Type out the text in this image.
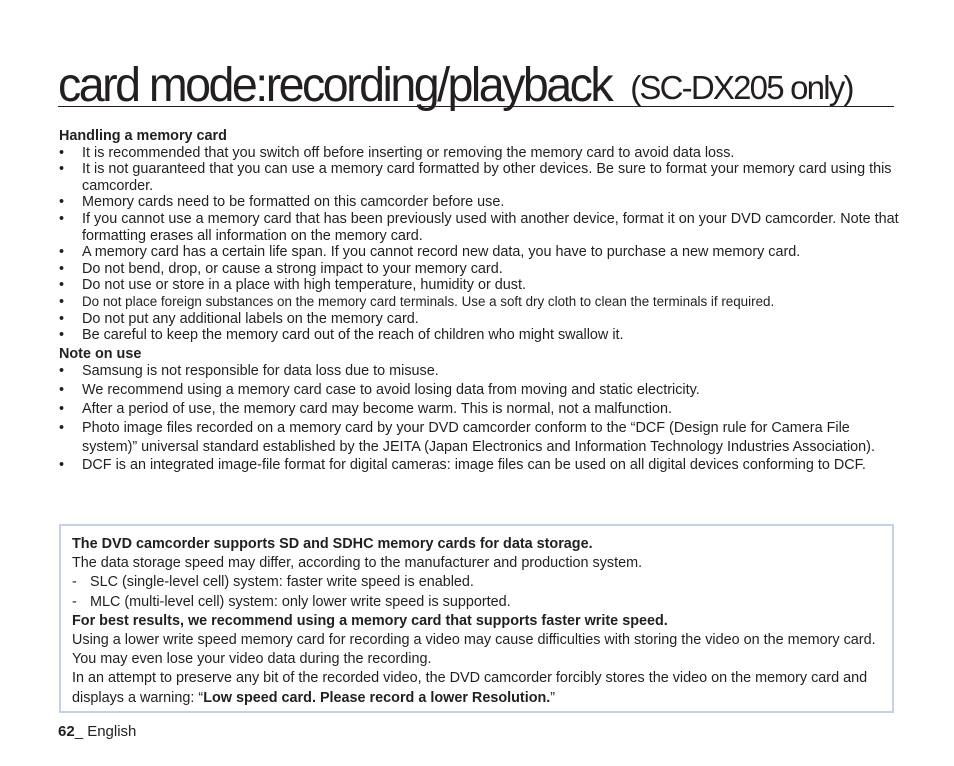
card mode:recording/playback (SC-DX205 only)

Handling a memory card

• It is recommended that you switch off before inserting or removing the memory card to avoid data loss.
• It is not guaranteed that you can use a memory card formatted by other devices. Be sure to format your memory card using this camcorder.
• Memory cards need to be formatted on this camcorder before use.
• If you cannot use a memory card that has been previously used with another device, format it on your DVD camcorder. Note that formatting erases all information on the memory card.
• A memory card has a certain life span. If you cannot record new data, you have to purchase a new memory card.
• Do not bend, drop, or cause a strong impact to your memory card.
• Do not use or store in a place with high temperature, humidity or dust.
• Do not place foreign substances on the memory card terminals. Use a soft dry cloth to clean the terminals if required.
• Do not put any additional labels on the memory card.
• Be careful to keep the memory card out of the reach of children who might swallow it.

Note on use

• Samsung is not responsible for data loss due to misuse.
• We recommend using a memory card case to avoid losing data from moving and static electricity.
• After a period of use, the memory card may become warm. This is normal, not a malfunction.
• Photo image files recorded on a memory card by your DVD camcorder conform to the “DCF (Design rule for Camera File system)” universal standard established by the JEITA (Japan Electronics and Information Technology Industries Association).
• DCF is an integrated image-file format for digital cameras: image files can be used on all digital devices conforming to DCF.

The DVD camcorder supports SD and SDHC memory cards for data storage.

The data storage speed may differ, according to the manufacturer and production system.

- SLC (single-level cell) system: faster write speed is enabled.

- MLC (multi-level cell) system: only lower write speed is supported.

For best results, we recommend using a memory card that supports faster write speed.

Using a lower write speed memory card for recording a video may cause difficulties with storing the video on the memory card. You may even lose your video data during the recording.

In an attempt to preserve any bit of the recorded video, the DVD camcorder forcibly stores the video on the memory card and displays a warning: “Low speed card. Please record a lower Resolution.”

62_ English
